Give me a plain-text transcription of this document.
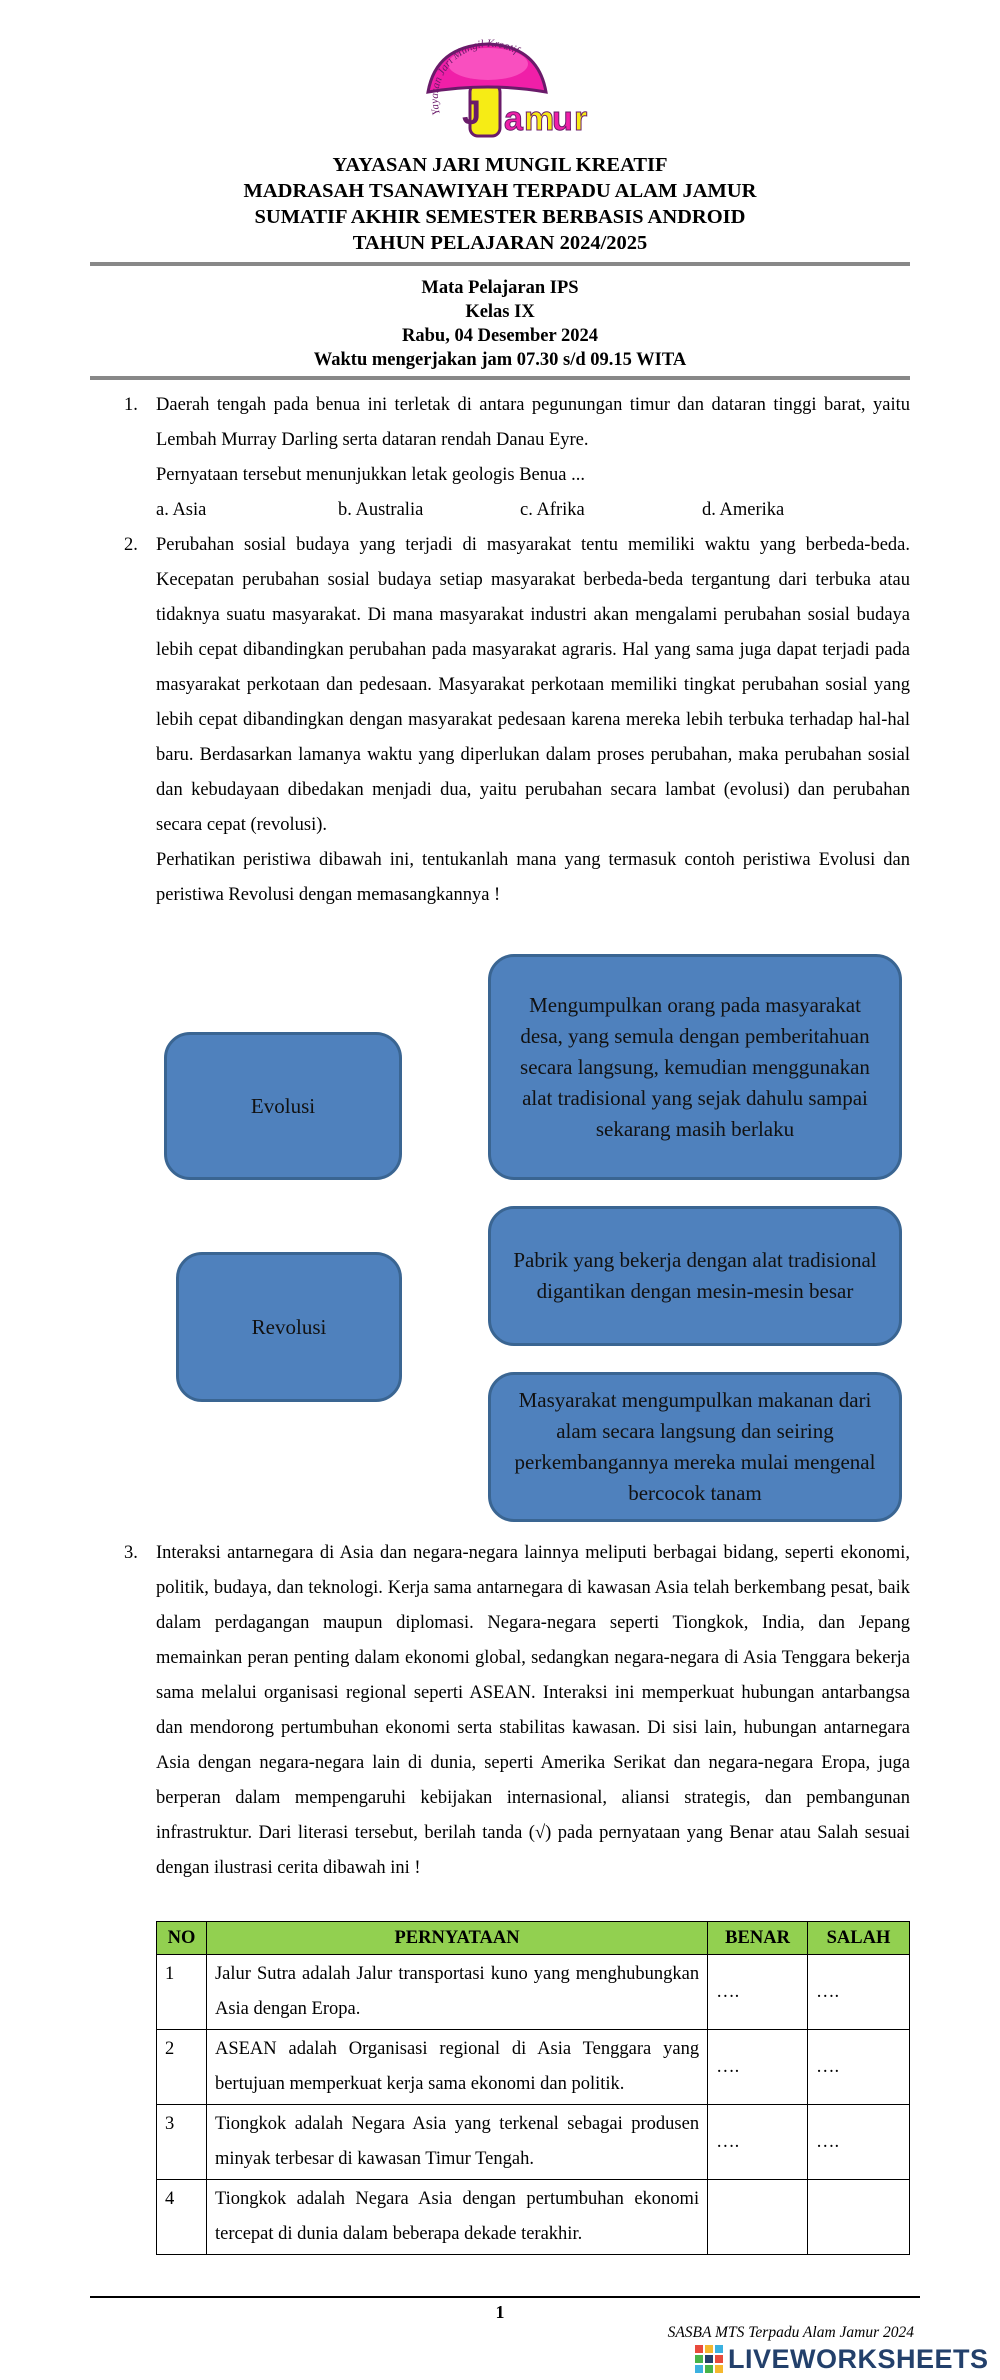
J a m
u r
Yayasan Jari Mungil Kreatif
YAYASAN JARI MUNGIL KREATIF
MADRASAH TSANAWIYAH TERPADU ALAM JAMUR
SUMATIF AKHIR SEMESTER BERBASIS ANDROID
TAHUN PELAJARAN 2024/2025
Mata Pelajaran IPS
Kelas IX
Rabu, 04 Desember 2024
Waktu mengerjakan jam 07.30 s/d 09.15 WITA
1. Daerah tengah pada benua ini terletak di antara pegunungan timur dan dataran tinggi barat, yaitu Lembah Murray Darling serta dataran rendah Danau Eyre.

Pernyataan tersebut menunjukkan letak geologis Benua ...

a. Asia	b. Australia	c. Afrika	d. Amerika
2. Perubahan sosial budaya yang terjadi di masyarakat tentu memiliki waktu yang berbeda-beda. Kecepatan perubahan sosial budaya setiap masyarakat berbeda-beda tergantung dari terbuka atau tidaknya suatu masyarakat. Di mana masyarakat industri akan mengalami perubahan sosial budaya lebih cepat dibandingkan perubahan pada masyarakat agraris. Hal yang sama juga dapat terjadi pada masyarakat perkotaan dan pedesaan. Masyarakat perkotaan memiliki tingkat perubahan sosial yang lebih cepat dibandingkan dengan masyarakat pedesaan karena mereka lebih terbuka terhadap hal-hal baru. Berdasarkan lamanya waktu yang diperlukan dalam proses perubahan, maka perubahan sosial dan kebudayaan dibedakan menjadi dua, yaitu perubahan secara lambat (evolusi) dan perubahan secara cepat (revolusi).

Perhatikan peristiwa dibawah ini, tentukanlah mana yang termasuk contoh peristiwa Evolusi dan peristiwa Revolusi dengan memasangkannya !

Evolusi
Revolusi
Mengumpulkan orang pada masyarakat desa, yang semula dengan pemberitahuan secara langsung, kemudian menggunakan alat tradisional yang sejak dahulu sampai sekarang masih berlaku
Pabrik yang bekerja dengan alat tradisional digantikan dengan mesin-mesin besar
Masyarakat mengumpulkan makanan dari alam secara langsung dan seiring perkembangannya mereka mulai mengenal bercocok tanam
3. Interaksi antarnegara di Asia dan negara-negara lainnya meliputi berbagai bidang, seperti ekonomi, politik, budaya, dan teknologi. Kerja sama antarnegara di kawasan Asia telah berkembang pesat, baik dalam perdagangan maupun diplomasi. Negara-negara seperti Tiongkok, India, dan Jepang memainkan peran penting dalam ekonomi global, sedangkan negara-negara di Asia Tenggara bekerja sama melalui organisasi regional seperti ASEAN. Interaksi ini memperkuat hubungan antarbangsa dan mendorong pertumbuhan ekonomi serta stabilitas kawasan. Di sisi lain, hubungan antarnegara Asia dengan negara-negara lain di dunia, seperti Amerika Serikat dan negara-negara Eropa, juga berperan dalam mempengaruhi kebijakan internasional, aliansi strategis, dan pembangunan infrastruktur. Dari literasi tersebut, berilah tanda (√) pada pernyataan yang Benar atau Salah sesuai dengan ilustrasi cerita dibawah ini !

NO	PERNYATAAN	BENAR	SALAH
1	Jalur Sutra adalah Jalur transportasi kuno yang menghubungkan Asia dengan Eropa.	….	….
2	ASEAN adalah Organisasi regional di Asia Tenggara yang bertujuan memperkuat kerja sama ekonomi dan politik.	….	….
3	Tiongkok adalah Negara Asia yang terkenal sebagai produsen minyak terbesar di kawasan Timur Tengah.	….	….
4	Tiongkok adalah Negara Asia dengan pertumbuhan ekonomi tercepat di dunia dalam beberapa dekade terakhir.		
1
SASBA MTS Terpadu Alam Jamur 2024
LIVEWORKSHEETS
